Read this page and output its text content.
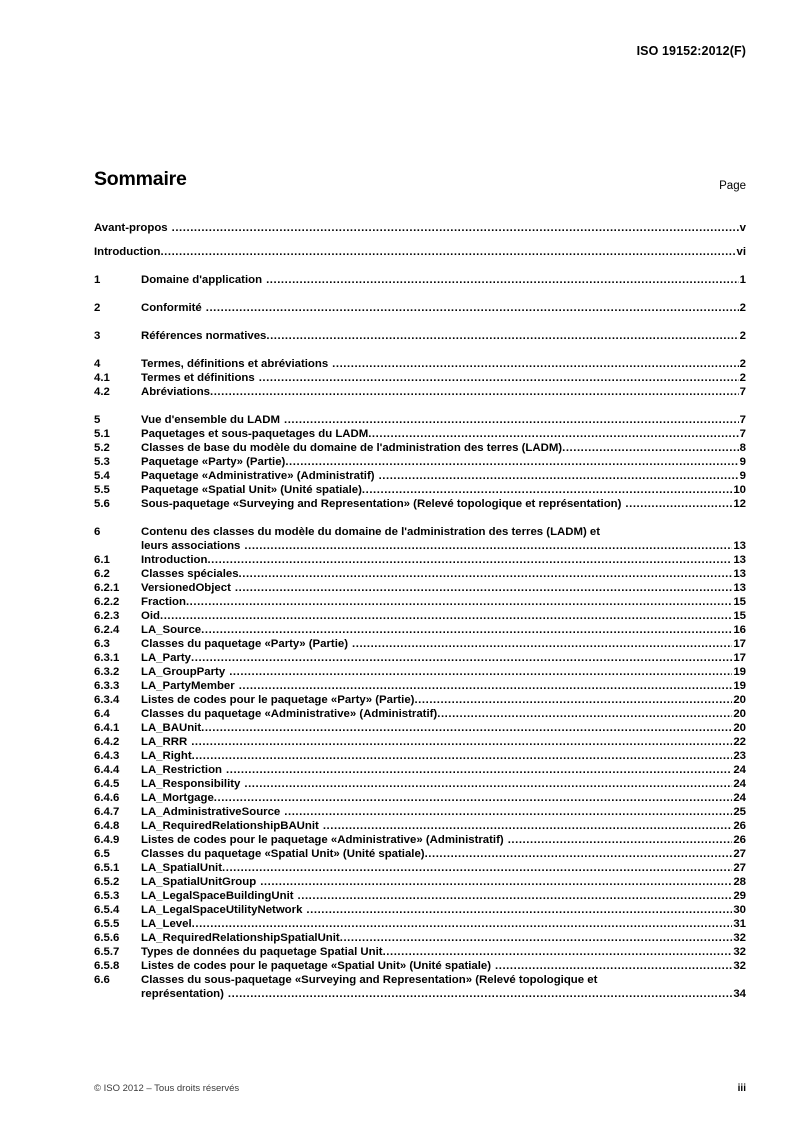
ISO 19152:2012(F)
Sommaire	Page
Avant-propos .....	v
Introduction .....	vi
1	Domaine d'application .....	1
2	Conformité .....	2
3	Références normatives .....	2
4	Termes, définitions et abréviations .....	2
4.1	Termes et définitions .....	2
4.2	Abréviations .....	7
5	Vue d'ensemble du LADM .....	7
5.1	Paquetages et sous-paquetages du LADM .....	7
5.2	Classes de base du modèle du domaine de l'administration des terres (LADM) .....	8
5.3	Paquetage «Party» (Partie) .....	9
5.4	Paquetage «Administrative» (Administratif) .....	9
5.5	Paquetage «Spatial Unit» (Unité spatiale) .....	10
5.6	Sous-paquetage «Surveying and Representation» (Relevé topologique et représentation) .....	12
6	Contenu des classes du modèle du domaine de l'administration des terres (LADM) et
leurs associations .....	13
6.1	Introduction .....	13
6.2	Classes spéciales .....	13
6.2.1	VersionedObject .....	13
6.2.2	Fraction .....	15
6.2.3	Oid .....	15
6.2.4	LA_Source .....	16
6.3	Classes du paquetage «Party» (Partie) .....	17
6.3.1	LA_Party .....	17
6.3.2	LA_GroupParty .....	19
6.3.3	LA_PartyMember .....	19
6.3.4	Listes de codes pour le paquetage «Party» (Partie) .....	20
6.4	Classes du paquetage «Administrative» (Administratif) .....	20
6.4.1	LA_BAUnit .....	20
6.4.2	LA_RRR .....	22
6.4.3	LA_Right .....	23
6.4.4	LA_Restriction .....	24
6.4.5	LA_Responsibility .....	24
6.4.6	LA_Mortgage .....	24
6.4.7	LA_AdministrativeSource .....	25
6.4.8	LA_RequiredRelationshipBAUnit .....	26
6.4.9	Listes de codes pour le paquetage «Administrative» (Administratif) .....	26
6.5	Classes du paquetage «Spatial Unit» (Unité spatiale) .....	27
6.5.1	LA_SpatialUnit .....	27
6.5.2	LA_SpatialUnitGroup .....	28
6.5.3	LA_LegalSpaceBuildingUnit .....	29
6.5.4	LA_LegalSpaceUtilityNetwork .....	30
6.5.5	LA_Level .....	31
6.5.6	LA_RequiredRelationshipSpatialUnit .....	32
6.5.7	Types de données du paquetage Spatial Unit .....	32
6.5.8	Listes de codes pour le paquetage «Spatial Unit» (Unité spatiale) .....	32
6.6	Classes du sous-paquetage «Surveying and Representation» (Relevé topologique et
représentation) .....	34
© ISO 2012 – Tous droits réservés	iii
